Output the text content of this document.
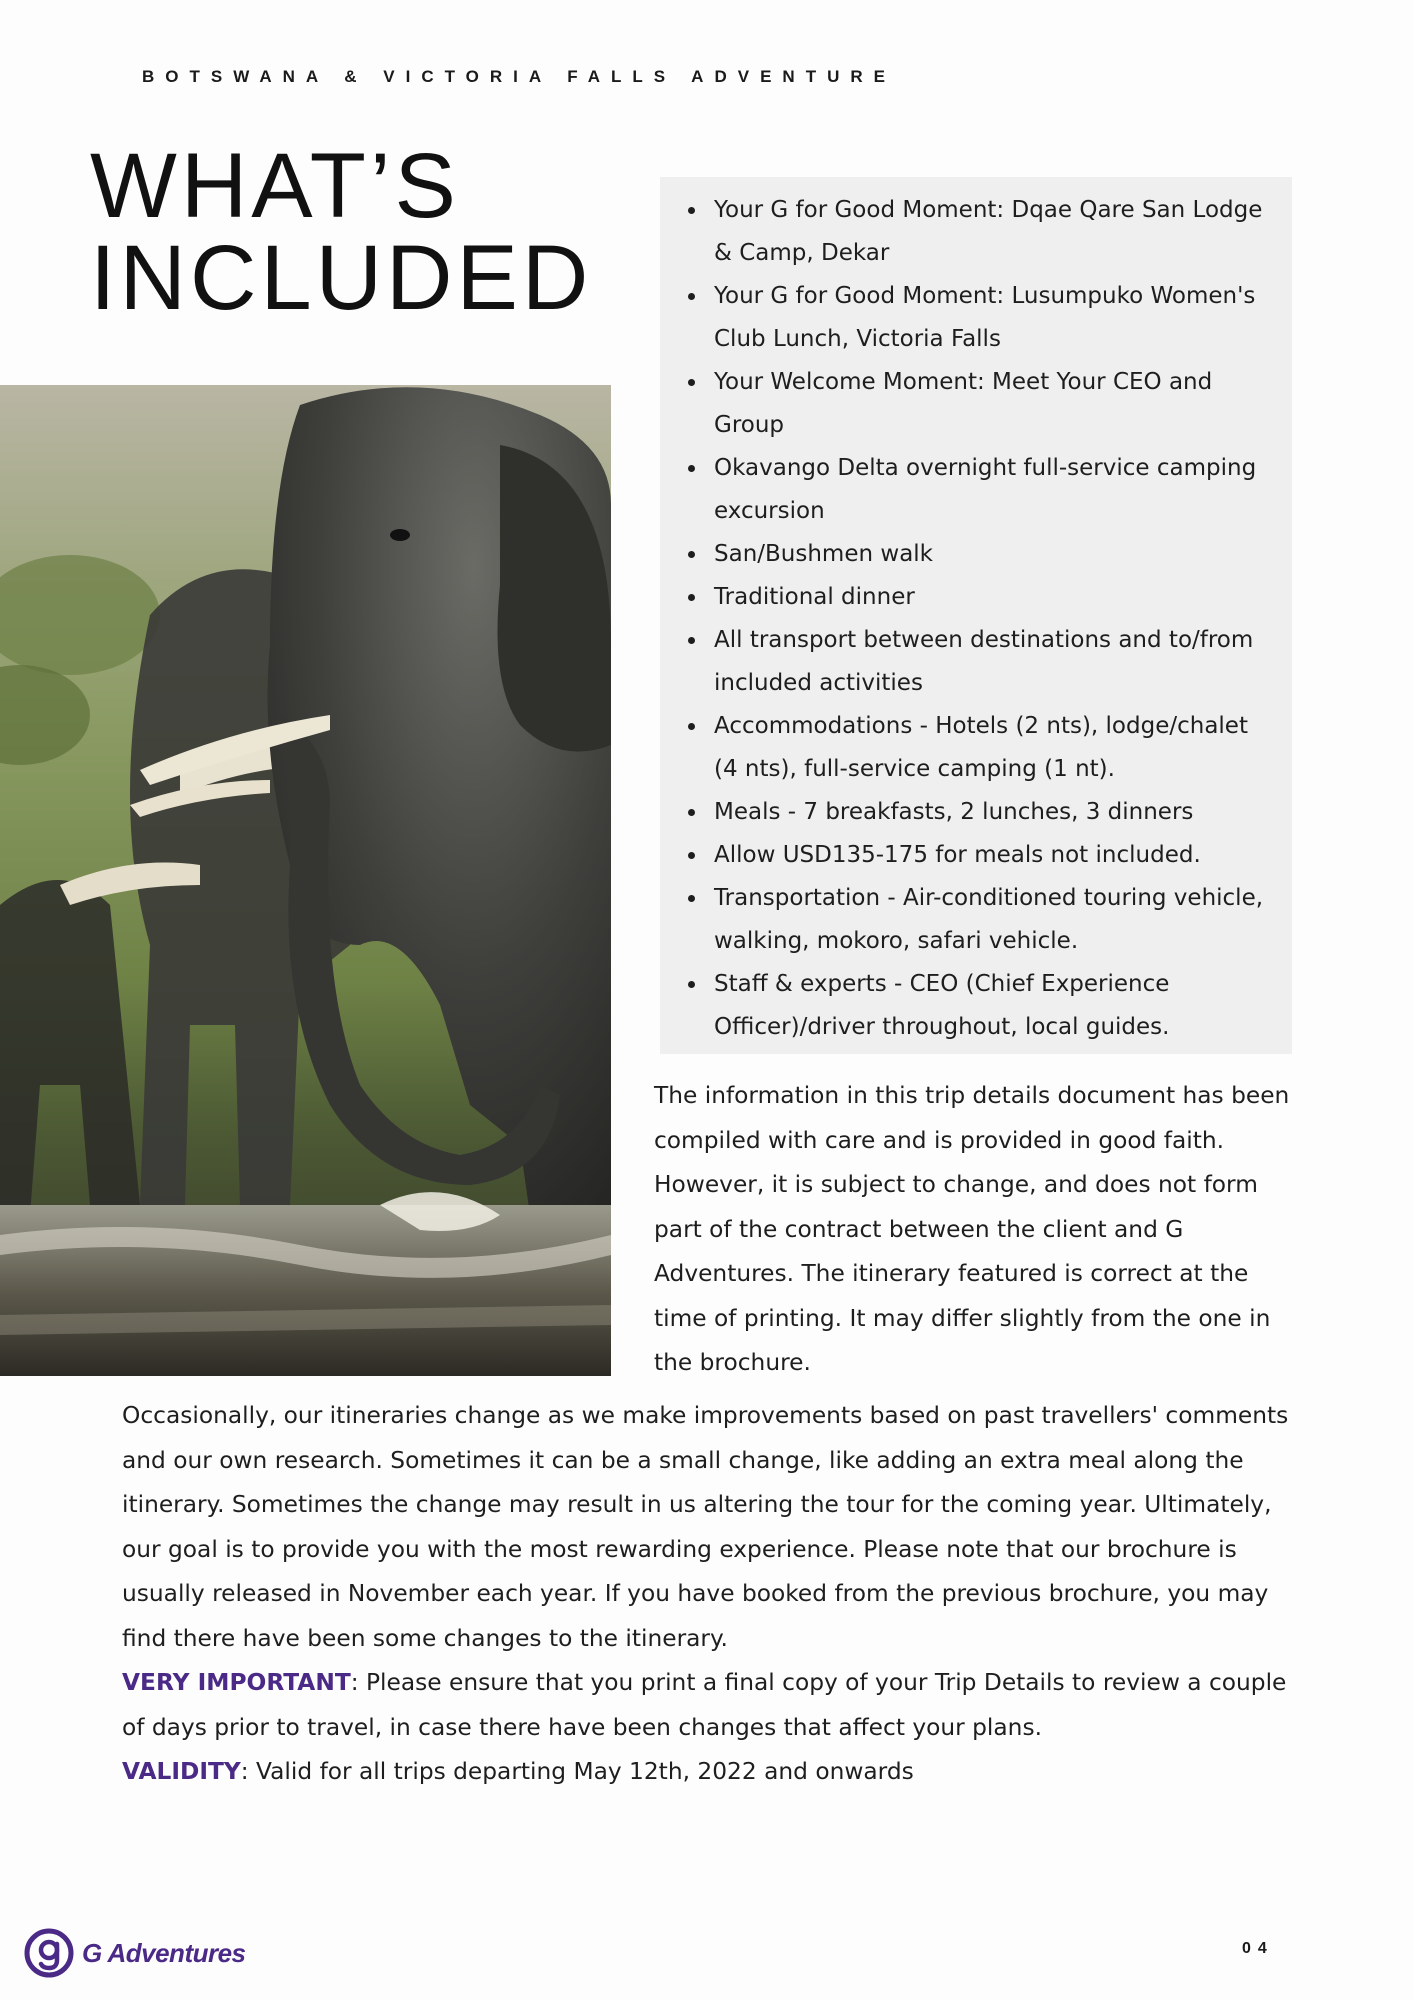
BOTSWANA & VICTORIA FALLS ADVENTURE
WHAT’S
INCLUDED
• Your G for Good Moment: Dqae Qare San Lodge & Camp, Dekar
• Your G for Good Moment: Lusumpuko Women's Club Lunch, Victoria Falls
• Your Welcome Moment: Meet Your CEO and Group
• Okavango Delta overnight full-service camping excursion
• San/Bushmen walk
• Traditional dinner
• All transport between destinations and to/from included activities
• Accommodations - Hotels (2 nts), lodge/chalet (4 nts), full-service camping (1 nt).
• Meals - 7 breakfasts, 2 lunches, 3 dinners
• Allow USD135-175 for meals not included.
• Transportation - Air-conditioned touring vehicle, walking, mokoro, safari vehicle.
• Staff & experts - CEO (Chief Experience Officer)/driver throughout, local guides.

The information in this trip details document has been compiled with care and is provided in good faith. However, it is subject to change, and does not form part of the contract between the client and G Adventures. The itinerary featured is correct at the time of printing. It may differ slightly from the one in the brochure.

Occasionally, our itineraries change as we make improvements based on past travellers' comments and our own research. Sometimes it can be a small change, like adding an extra meal along the itinerary. Sometimes the change may result in us altering the tour for the coming year. Ultimately, our goal is to provide you with the most rewarding experience. Please note that our brochure is usually released in November each year. If you have booked from the previous brochure, you may find there have been some changes to the itinerary.

VERY IMPORTANT: Please ensure that you print a final copy of your Trip Details to review a couple of days prior to travel, in case there have been changes that affect your plans.

VALIDITY: Valid for all trips departing May 12th, 2022 and onwards

G Adventures	04
